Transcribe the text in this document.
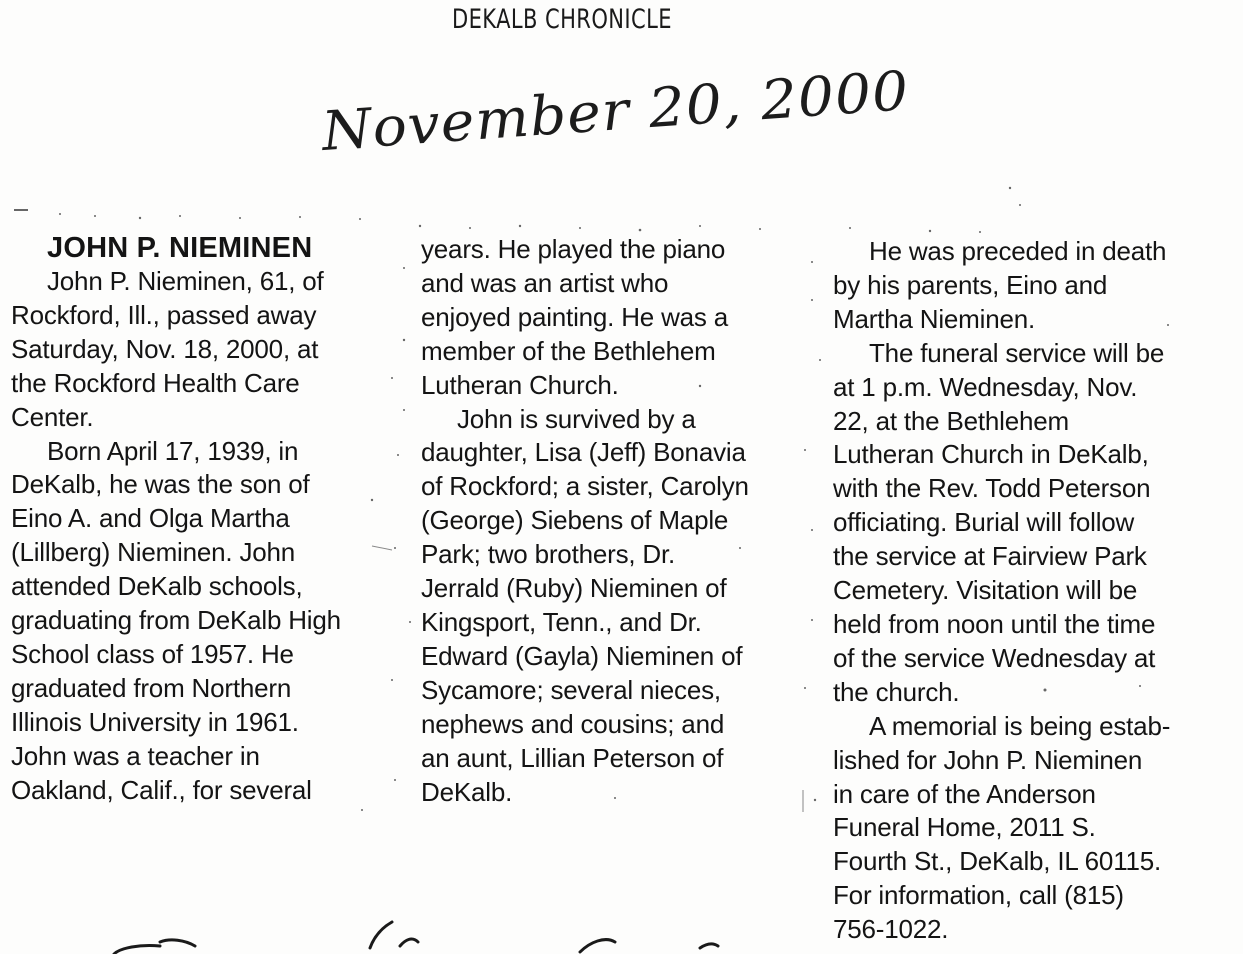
DEKALB CHRONICLE
November 20, 2000
JOHN P. NIEMINEN
John P. Nieminen, 61, of
Rockford, Ill., passed away
Saturday, Nov. 18, 2000, at
the Rockford Health Care
Center.
Born April 17, 1939, in
DeKalb, he was the son of
Eino A. and Olga Martha
(Lillberg) Nieminen. John
attended DeKalb schools,
graduating from DeKalb High
School class of 1957. He
graduated from Northern
Illinois University in 1961.
John was a teacher in
Oakland, Calif., for several
years. He played the piano
and was an artist who
enjoyed painting. He was a
member of the Bethlehem
Lutheran Church.
John is survived by a
daughter, Lisa (Jeff) Bonavia
of Rockford; a sister, Carolyn
(George) Siebens of Maple
Park; two brothers, Dr.
Jerrald (Ruby) Nieminen of
Kingsport, Tenn., and Dr.
Edward (Gayla) Nieminen of
Sycamore; several nieces,
nephews and cousins; and
an aunt, Lillian Peterson of
DeKalb.
He was preceded in death
by his parents, Eino and
Martha Nieminen.
The funeral service will be
at 1 p.m. Wednesday, Nov.
22, at the Bethlehem
Lutheran Church in DeKalb,
with the Rev. Todd Peterson
officiating. Burial will follow
the service at Fairview Park
Cemetery. Visitation will be
held from noon until the time
of the service Wednesday at
the church.
A memorial is being estab-
lished for John P. Nieminen
in care of the Anderson
Funeral Home, 2011 S.
Fourth St., DeKalb, IL 60115.
For information, call (815)
756-1022.
